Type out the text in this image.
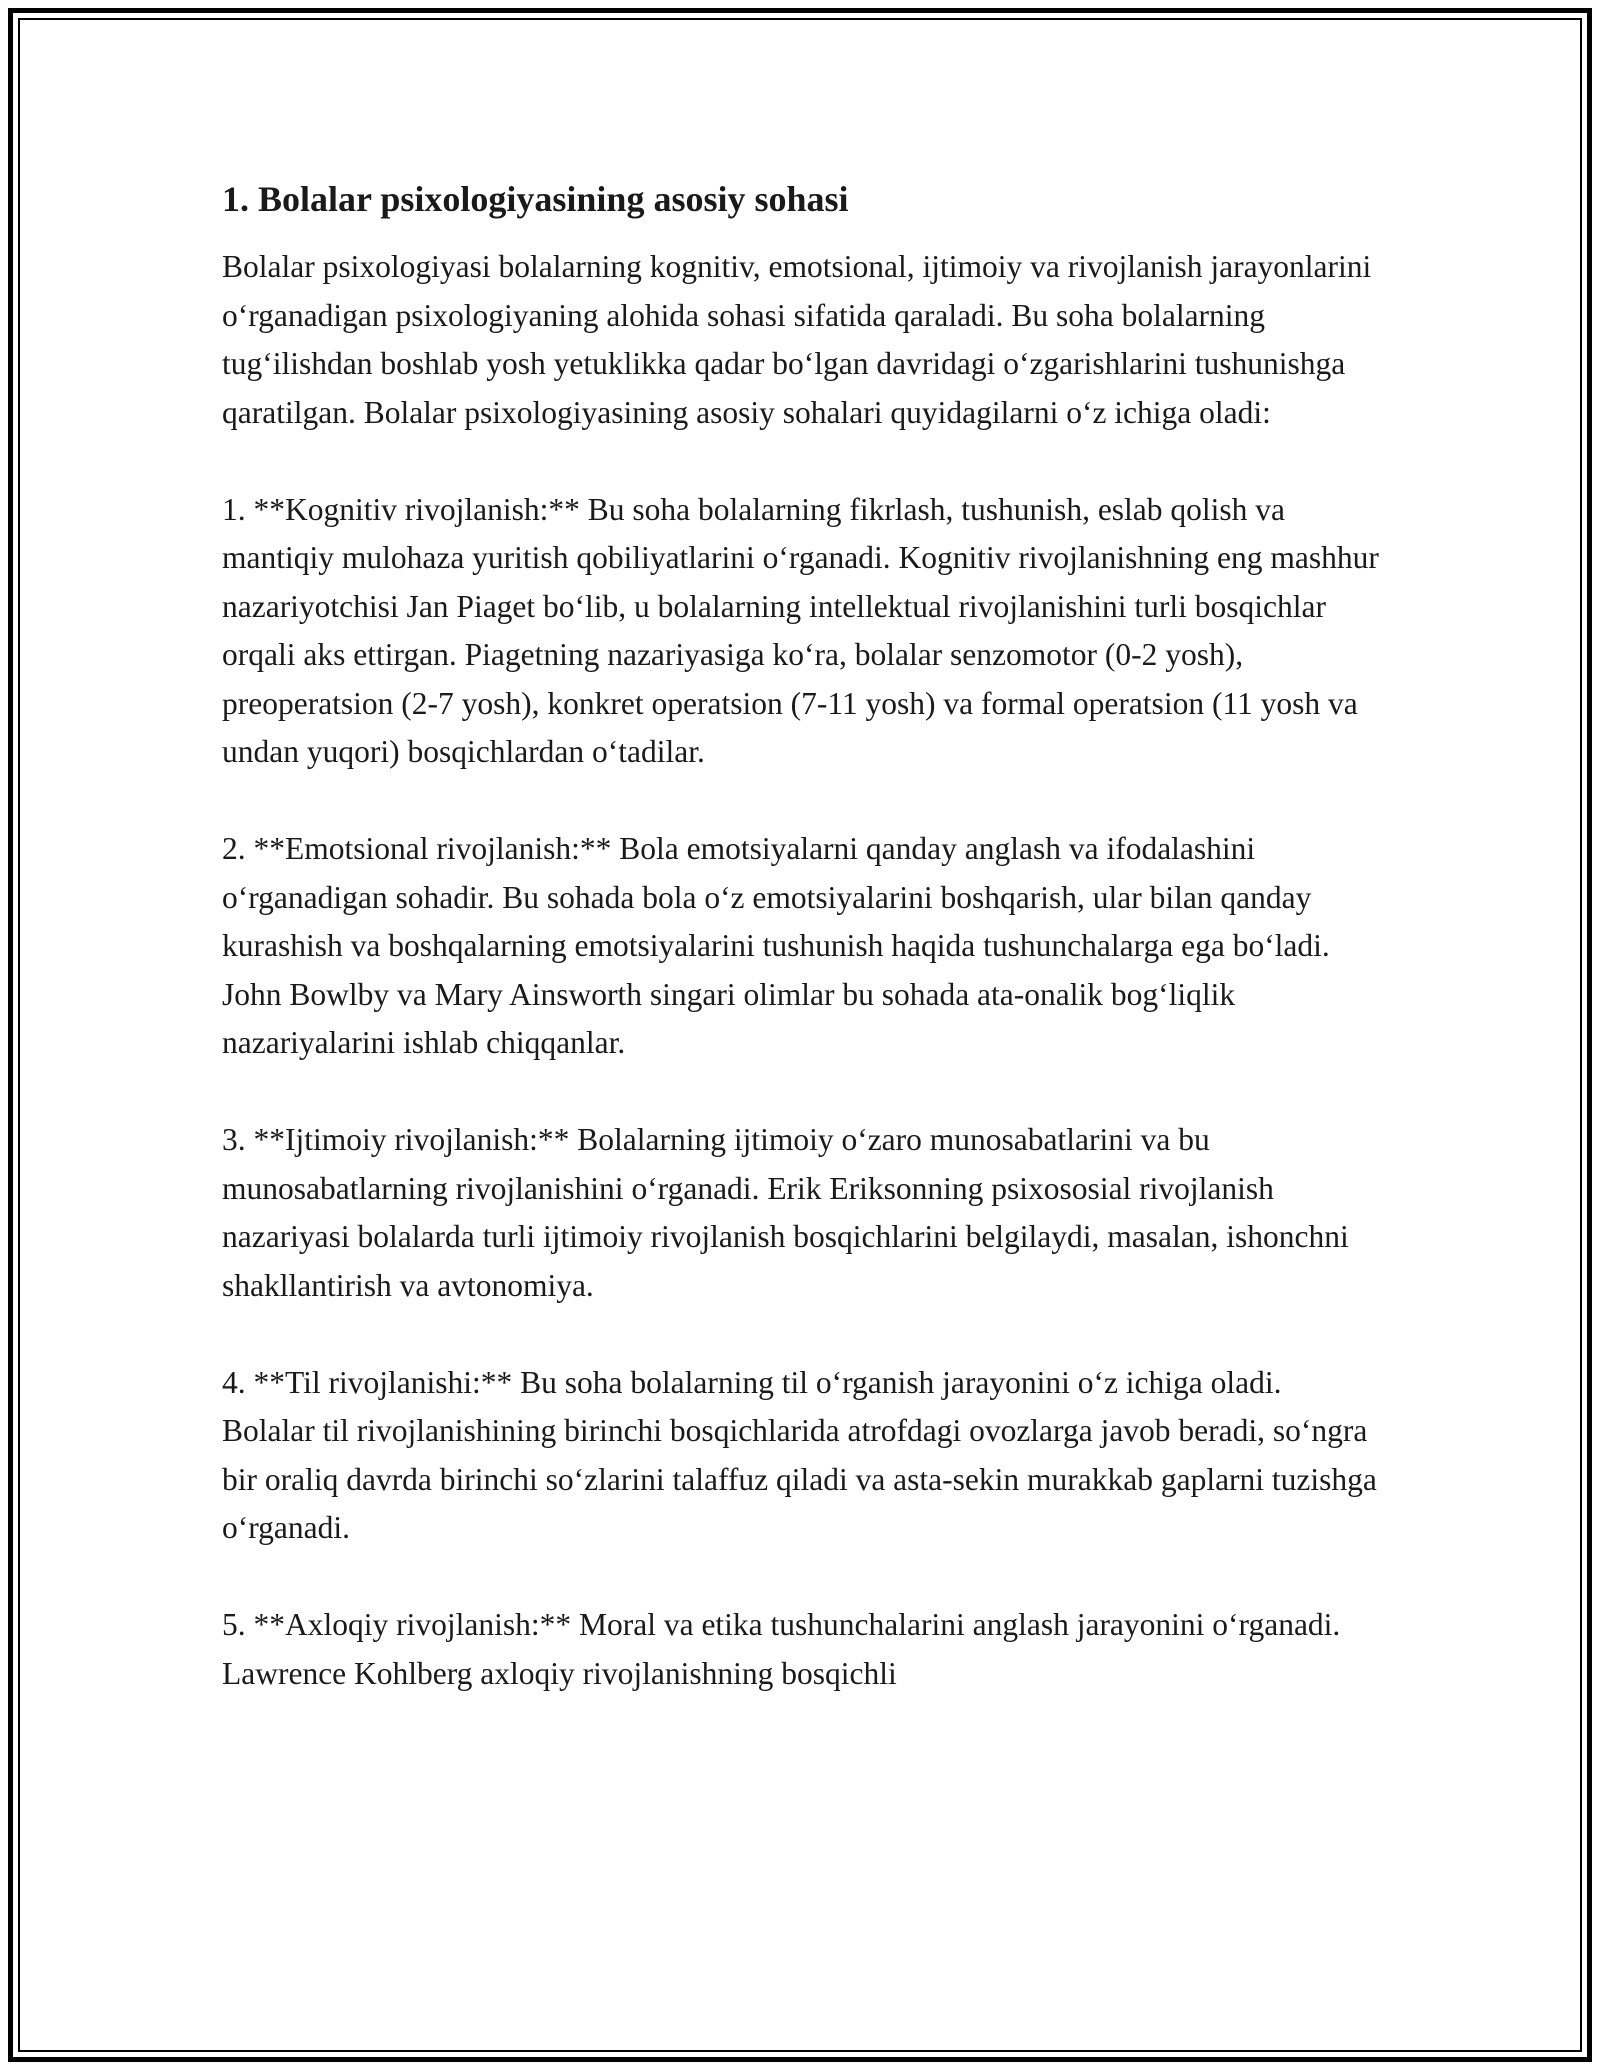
1. Bolalar psixologiyasining asosiy sohasi

Bolalar psixologiyasi bolalarning kognitiv, emotsional, ijtimoiy va rivojlanish jarayonlarini o‘rganadigan psixologiyaning alohida sohasi sifatida qaraladi. Bu soha bolalarning tug‘ilishdan boshlab yosh yetuklikka qadar bo‘lgan davridagi o‘zgarishlarini tushunishga qaratilgan. Bolalar psixologiyasining asosiy sohalari quyidagilarni o‘z ichiga oladi:

1. **Kognitiv rivojlanish:** Bu soha bolalarning fikrlash, tushunish, eslab qolish va mantiqiy mulohaza yuritish qobiliyatlarini o‘rganadi. Kognitiv rivojlanishning eng mashhur nazariyotchisi Jan Piaget bo‘lib, u bolalarning intellektual rivojlanishini turli bosqichlar orqali aks ettirgan. Piagetning nazariyasiga ko‘ra, bolalar senzomotor (0-2 yosh), preoperatsion (2-7 yosh), konkret operatsion (7-11 yosh) va formal operatsion (11 yosh va undan yuqori) bosqichlardan o‘tadilar.

2. **Emotsional rivojlanish:** Bola emotsiyalarni qanday anglash va ifodalashini o‘rganadigan sohadir. Bu sohada bola o‘z emotsiyalarini boshqarish, ular bilan qanday kurashish va boshqalarning emotsiyalarini tushunish haqida tushunchalarga ega bo‘ladi. John Bowlby va Mary Ainsworth singari olimlar bu sohada ata-onalik bog‘liqlik nazariyalarini ishlab chiqqanlar.

3. **Ijtimoiy rivojlanish:** Bolalarning ijtimoiy o‘zaro munosabatlarini va bu munosabatlarning rivojlanishini o‘rganadi. Erik Eriksonning psixososial rivojlanish nazariyasi bolalarda turli ijtimoiy rivojlanish bosqichlarini belgilaydi, masalan, ishonchni shakllantirish va avtonomiya.

4. **Til rivojlanishi:** Bu soha bolalarning til o‘rganish jarayonini o‘z ichiga oladi. Bolalar til rivojlanishining birinchi bosqichlarida atrofdagi ovozlarga javob beradi, so‘ngra bir oraliq davrda birinchi so‘zlarini talaffuz qiladi va asta-sekin murakkab gaplarni tuzishga o‘rganadi.

5. **Axloqiy rivojlanish:** Moral va etika tushunchalarini anglash jarayonini o‘rganadi. Lawrence Kohlberg axloqiy rivojlanishning bosqichli
